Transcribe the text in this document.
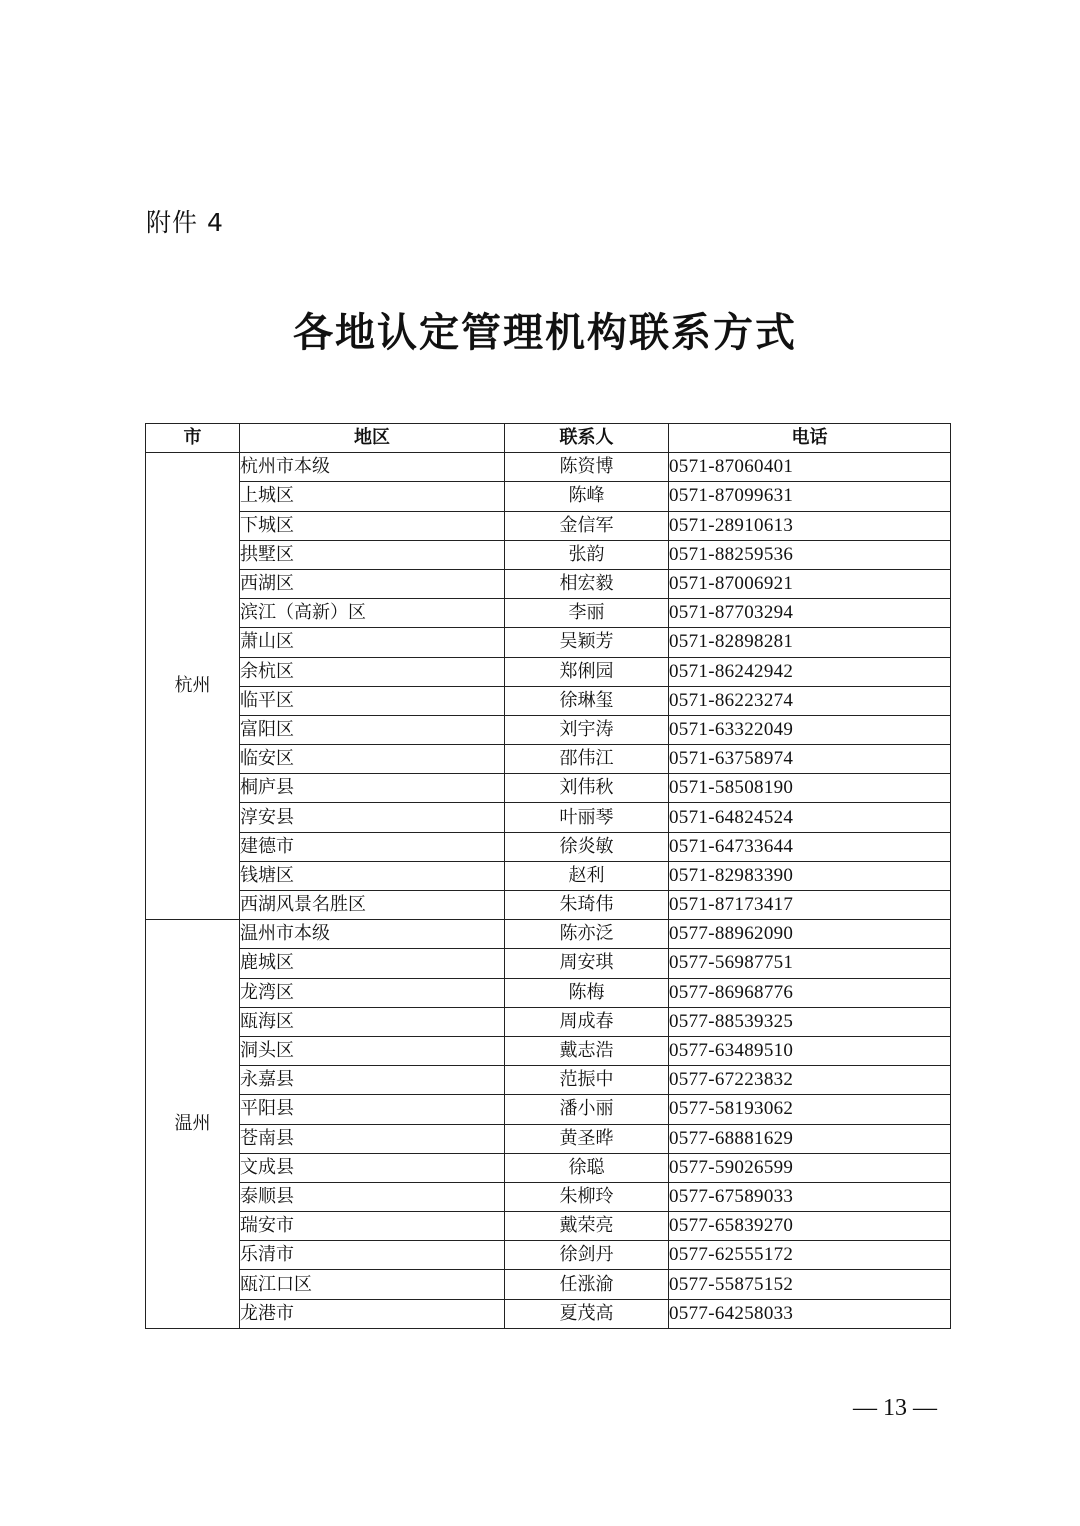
附件 4
各地认定管理机构联系方式
市	地区	联系人	电话
杭州	杭州市本级	陈资博	0571-87060401
	上城区	陈峰	0571-87099631
	下城区	金信军	0571-28910613
	拱墅区	张韵	0571-88259536
	西湖区	相宏毅	0571-87006921
	滨江（高新）区	李丽	0571-87703294
	萧山区	吴颖芳	0571-82898281
	余杭区	郑俐园	0571-86242942
	临平区	徐琳玺	0571-86223274
	富阳区	刘宇涛	0571-63322049
	临安区	邵伟江	0571-63758974
	桐庐县	刘伟秋	0571-58508190
	淳安县	叶丽琴	0571-64824524
	建德市	徐炎敏	0571-64733644
	钱塘区	赵利	0571-82983390
	西湖风景名胜区	朱琦伟	0571-87173417
温州	温州市本级	陈亦泛	0577-88962090
	鹿城区	周安琪	0577-56987751
	龙湾区	陈梅	0577-86968776
	瓯海区	周成春	0577-88539325
	洞头区	戴志浩	0577-63489510
	永嘉县	范振中	0577-67223832
	平阳县	潘小丽	0577-58193062
	苍南县	黄圣晔	0577-68881629
	文成县	徐聪	0577-59026599
	泰顺县	朱柳玲	0577-67589033
	瑞安市	戴荣亮	0577-65839270
	乐清市	徐剑丹	0577-62555172
	瓯江口区	任涨渝	0577-55875152
	龙港市	夏茂高	0577-64258033
— 13 —
